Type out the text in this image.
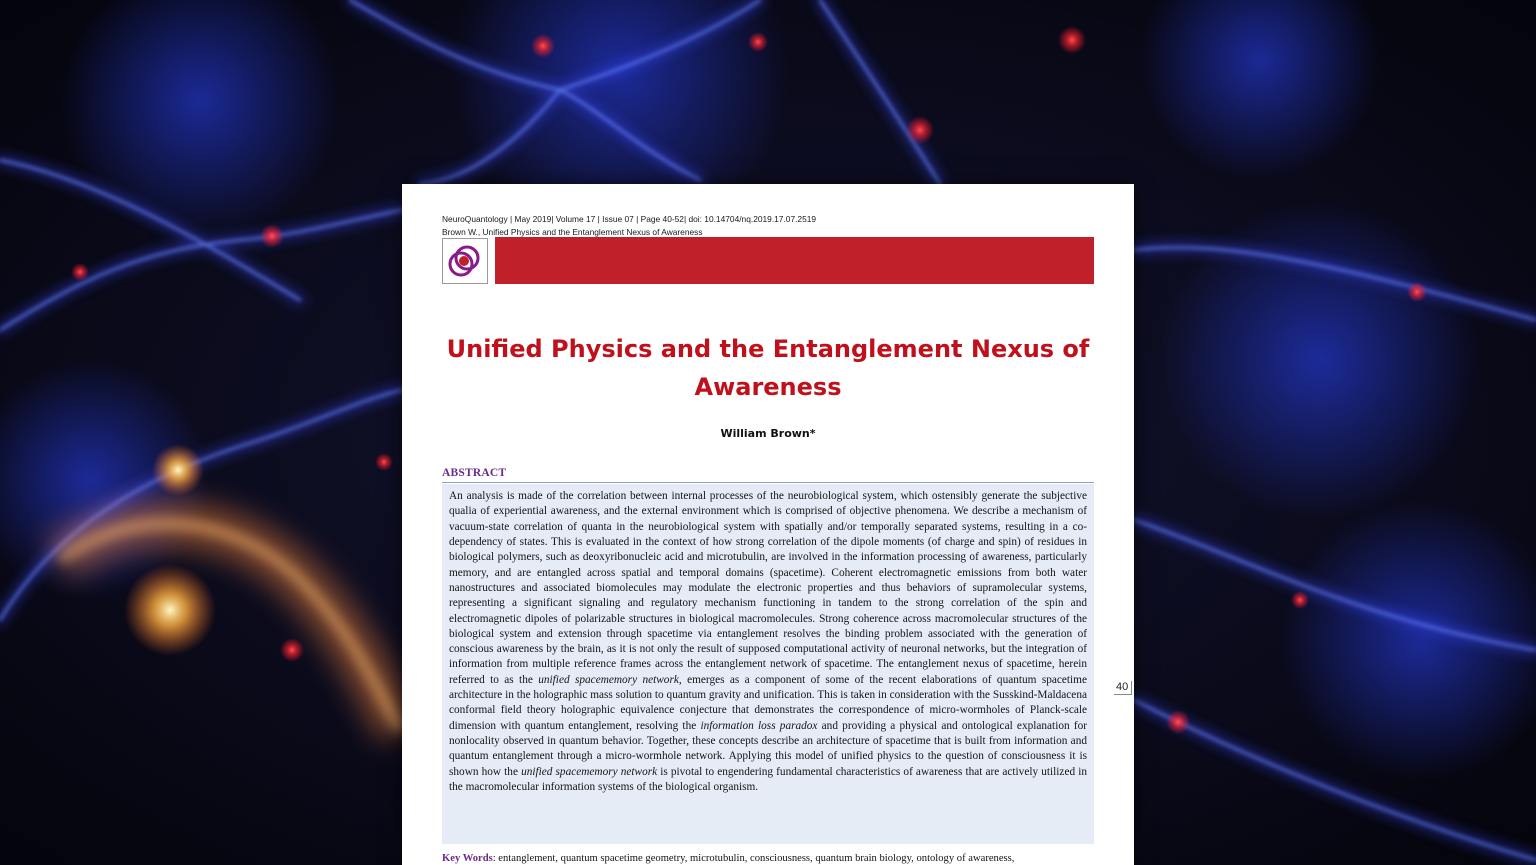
NeuroQuantology | May 2019| Volume 17 | Issue 07 | Page 40-52| doi: 10.14704/nq.2019.17.07.2519
Brown W., Unified Physics and the Entanglement Nexus of Awareness
Unified Physics and the Entanglement Nexus of Awareness
William Brown*
ABSTRACT

An analysis is made of the correlation between internal processes of the neurobiological system, which ostensibly generate the subjective qualia of experiential awareness, and the external environment which is comprised of objective phenomena. We describe a mechanism of vacuum-state correlation of quanta in the neurobiological system with spatially and/or temporally separated systems, resulting in a co-dependency of states. This is evaluated in the context of how strong correlation of the dipole moments (of charge and spin) of residues in biological polymers, such as deoxyribonucleic acid and microtubulin, are involved in the information processing of awareness, particularly memory, and are entangled across spatial and temporal domains (spacetime). Coherent electromagnetic emissions from both water nanostructures and associated biomolecules may modulate the electronic properties and thus behaviors of supramolecular systems, representing a significant signaling and regulatory mechanism functioning in tandem to the strong correlation of the spin and electromagnetic dipoles of polarizable structures in biological macromolecules. Strong coherence across macromolecular structures of the biological system and extension through spacetime via entanglement resolves the binding problem associated with the generation of conscious awareness by the brain, as it is not only the result of supposed computational activity of neuronal networks, but the integration of information from multiple reference frames across the entanglement network of spacetime. The entanglement nexus of spacetime, herein referred to as the unified spacememory network, emerges as a component of some of the recent elaborations of quantum spacetime architecture in the holographic mass solution to quantum gravity and unification. This is taken in consideration with the Susskind-Maldacena conformal field theory holographic equivalence conjecture that demonstrates the correspondence of micro-wormholes of Planck-scale dimension with quantum entanglement, resolving the information loss paradox and providing a physical and ontological explanation for nonlocality observed in quantum behavior. Together, these concepts describe an architecture of spacetime that is built from information and quantum entanglement through a micro-wormhole network. Applying this model of unified physics to the question of consciousness it is shown how the unified spacememory network is pivotal to engendering fundamental characteristics of awareness that are actively utilized in the macromolecular information systems of the biological organism.

40
Key Words: entanglement, quantum spacetime geometry, microtubulin, consciousness, quantum brain biology, ontology of awareness,
